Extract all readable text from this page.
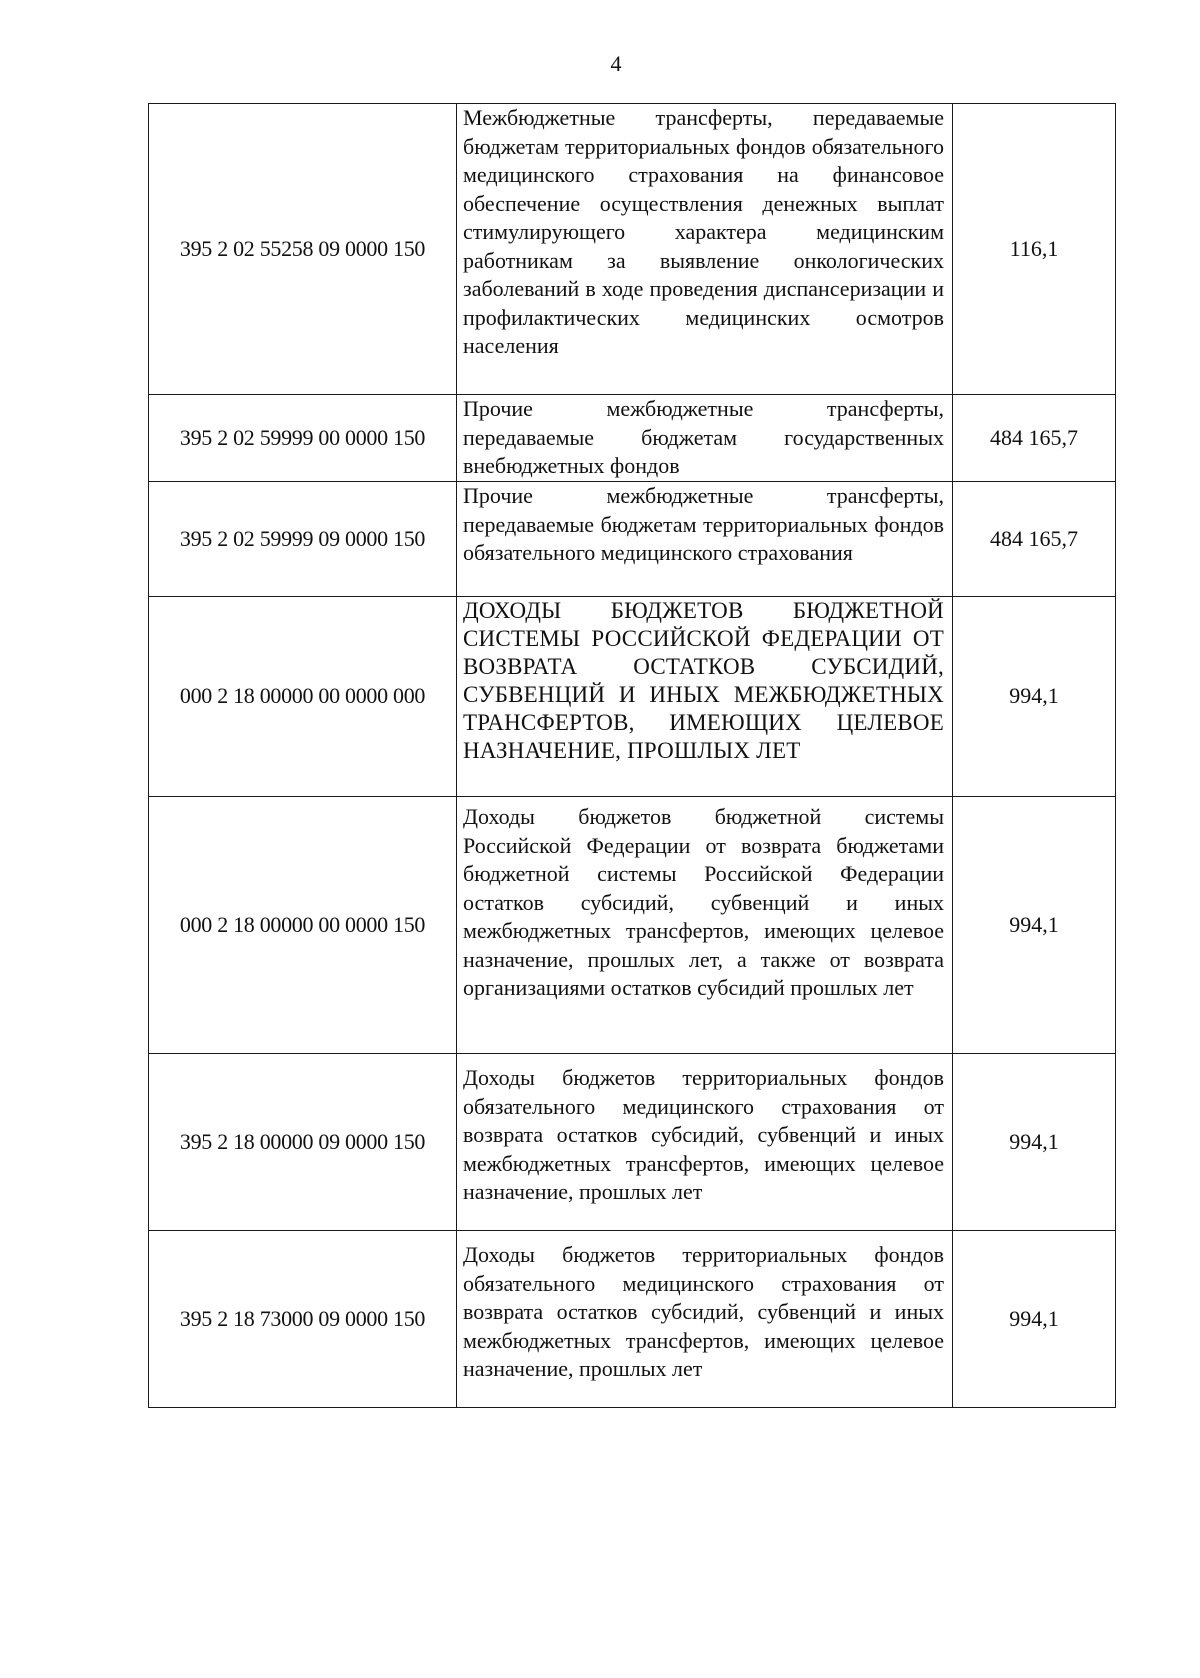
4
395 2 02 55258 09 0000 150	Межбюджетные трансферты, передаваемые бюджетам территориальных фондов обязательного медицинского страхования на финансовое обеспечение осуществления денежных выплат стимулирующего характера медицинским работникам за выявление онкологических заболеваний в ходе проведения диспансеризации и профилактических медицинских осмотров населения	116,1
395 2 02 59999 00 0000 150	Прочие межбюджетные трансферты, передаваемые бюджетам государственных внебюджетных фондов	484 165,7
395 2 02 59999 09 0000 150	Прочие межбюджетные трансферты, передаваемые бюджетам территориальных фондов обязательного медицинского страхования	484 165,7
000 2 18 00000 00 0000 000	ДОХОДЫ БЮДЖЕТОВ БЮДЖЕТНОЙ СИСТЕМЫ РОССИЙСКОЙ ФЕДЕРАЦИИ ОТ ВОЗВРАТА ОСТАТКОВ СУБСИДИЙ, СУБВЕНЦИЙ И ИНЫХ МЕЖБЮДЖЕТНЫХ ТРАНСФЕРТОВ, ИМЕЮЩИХ ЦЕЛЕВОЕ НАЗНАЧЕНИЕ, ПРОШЛЫХ ЛЕТ	994,1
000 2 18 00000 00 0000 150	Доходы бюджетов бюджетной системы Российской Федерации от возврата бюджетами бюджетной системы Российской Федерации остатков субсидий, субвенций и иных межбюджетных трансфертов, имеющих целевое назначение, прошлых лет, а также от возврата организациями остатков субсидий прошлых лет	994,1
395 2 18 00000 09 0000 150	Доходы бюджетов территориальных фондов обязательного медицинского страхования от возврата остатков субсидий, субвенций и иных межбюджетных трансфертов, имеющих целевое назначение, прошлых лет	994,1
395 2 18 73000 09 0000 150	Доходы бюджетов территориальных фондов обязательного медицинского страхования от возврата остатков субсидий, субвенций и иных межбюджетных трансфертов, имеющих целевое назначение, прошлых лет	994,1
